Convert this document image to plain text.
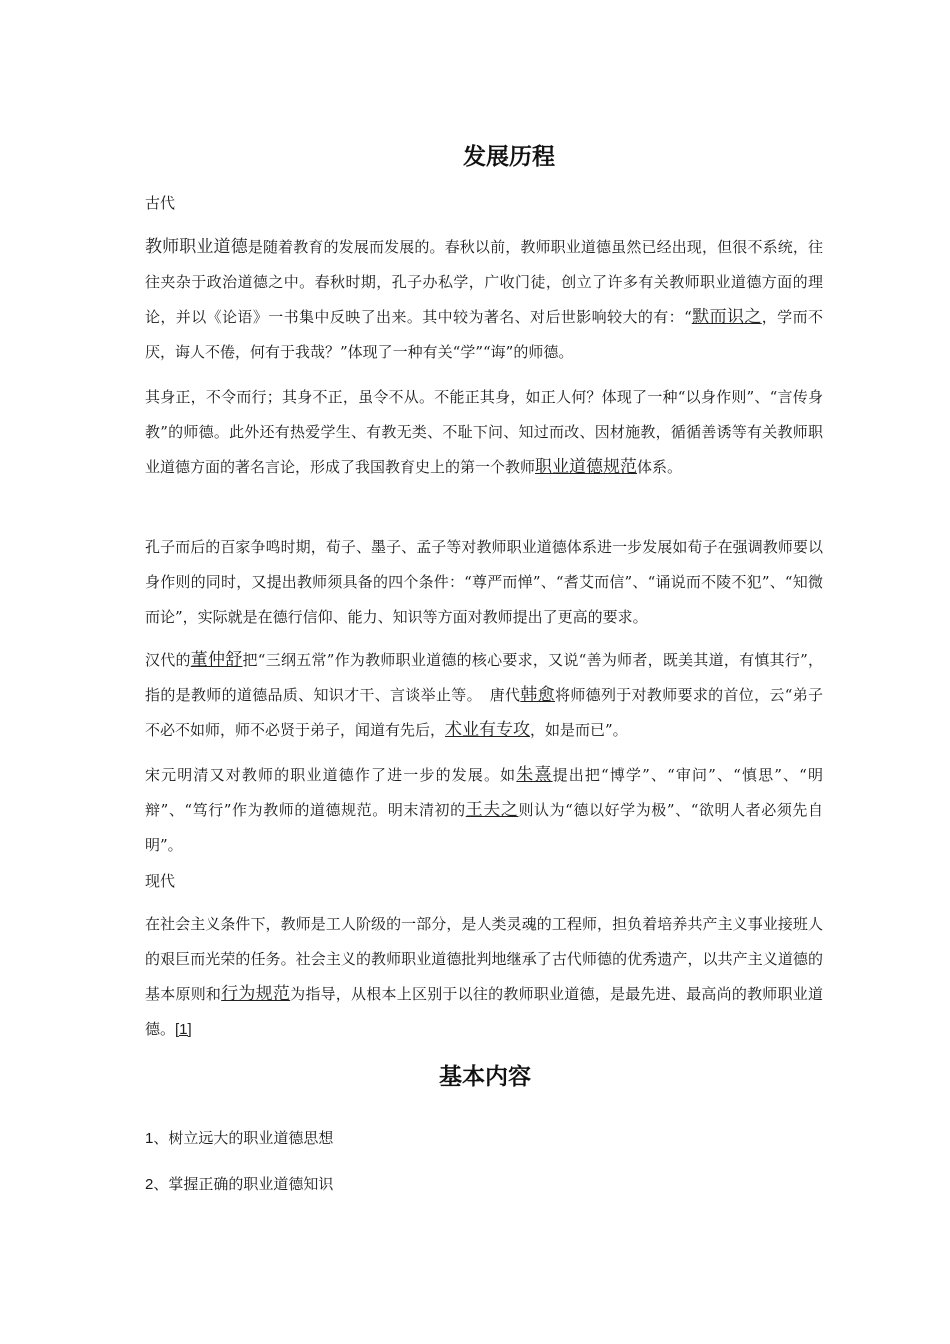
发展历程
古代

教师职业道德是随着教育的发展而发展的。春秋以前，教师职业道德虽然已经出现，但很不系统，往往夹杂于政治道德之中。春秋时期，孔子办私学，广收门徒，创立了许多有关教师职业道德方面的理论，并以《论语》一书集中反映了出来。其中较为著名、对后世影响较大的有：“默而识之，学而不厌，诲人不倦，何有于我哉？”体现了一种有关“学”“诲”的师德。

其身正，不令而行；其身不正，虽令不从。不能正其身，如正人何？体现了一种“以身作则”、“言传身教”的师德。此外还有热爱学生、有教无类、不耻下问、知过而改、因材施教，循循善诱等有关教师职业道德方面的著名言论，形成了我国教育史上的第一个教师职业道德规范体系。

孔子而后的百家争鸣时期，荀子、墨子、孟子等对教师职业道德体系进一步发展如荀子在强调教师要以身作则的同时，又提出教师须具备的四个条件：“尊严而惮”、“耆艾而信”、“诵说而不陵不犯”、“知微而论”，实际就是在德行信仰、能力、知识等方面对教师提出了更高的要求。

汉代的董仲舒把“三纲五常”作为教师职业道德的核心要求，又说“善为师者，既美其道，有慎其行”，指的是教师的道德品质、知识才干、言谈举止等。　唐代韩愈将师德列于对教师要求的首位，云“弟子不必不如师，师不必贤于弟子，闻道有先后，术业有专攻，如是而已”。

宋元明清又对教师的职业道德作了进一步的发展。如朱熹提出把“博学”、“审问”、“慎思”、“明辩”、“笃行”作为教师的道德规范。明末清初的王夫之则认为“德以好学为极”、“欲明人者必须先自明”。

现代

在社会主义条件下，教师是工人阶级的一部分，是人类灵魂的工程师，担负着培养共产主义事业接班人的艰巨而光荣的任务。社会主义的教师职业道德批判地继承了古代师德的优秀遗产，以共产主义道德的基本原则和行为规范为指导，从根本上区别于以往的教师职业道德，是最先进、最高尚的教师职业道德。[1]

基本内容
1、树立远大的职业道德思想
2、掌握正确的职业道德知识
